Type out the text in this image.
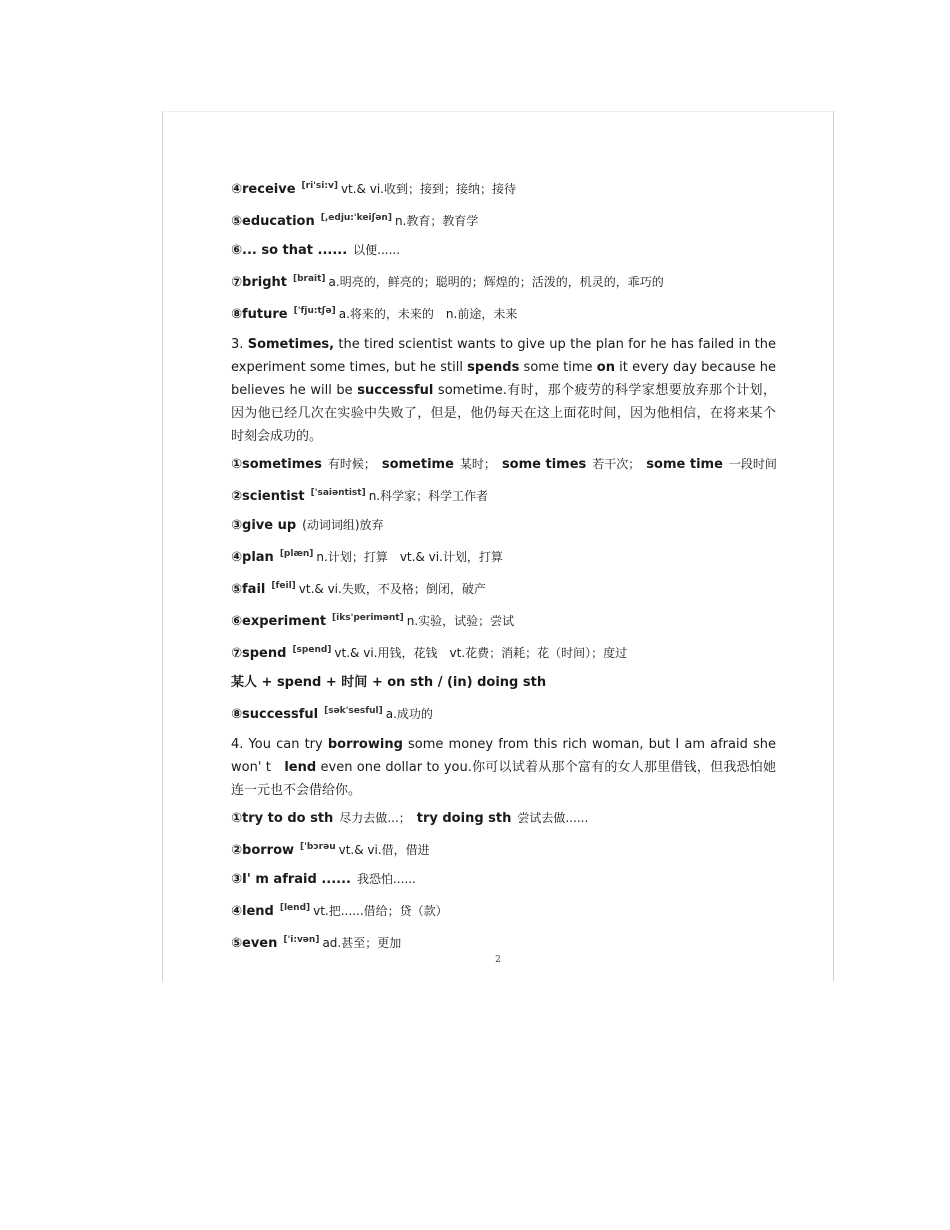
④receive [ri'si:v] vt.& vi.收到；接到；接纳；接待
⑤education [,edju:'keiʃən] n.教育；教育学
⑥... so that ...... 以便......
⑦bright [brait] a.明亮的，鲜亮的；聪明的；辉煌的；活泼的，机灵的，乖巧的
⑧future ['fju:tʃə] a.将来的，未来的　n.前途，未来
3. Sometimes, the tired scientist wants to give up the plan for he has failed in the experiment some times, but he still spends some time on it every day because he believes he will be successful sometime.有时，那个疲劳的科学家想要放弃那个计划，因为他已经几次在实验中失败了，但是，他仍每天在这上面花时间，因为他相信，在将来某个时刻会成功的。
①sometimes 有时候； sometime 某时； some times 若干次； some time 一段时间
②scientist ['saiəntist] n.科学家；科学工作者
③give up (动词词组)放弃
④plan [plæn] n.计划；打算　vt.& vi.计划，打算
⑤fail [feil] vt.& vi.失败，不及格；倒闭，破产
⑥experiment [iks'perimənt] n.实验，试验；尝试
⑦spend [spend] vt.& vi.用钱，花钱　vt.花费；消耗；花（时间）；度过
某人 + spend + 时间 + on sth / (in) doing sth
⑧successful [sək'sesful] a.成功的
4. You can try borrowing some money from this rich woman, but I am afraid she won' t　lend even one dollar to you.你可以试着从那个富有的女人那里借钱，但我恐怕她连一元也不会借给你。
①try to do sth 尽力去做...； try doing sth 尝试去做......
②borrow $^{['bɔrəu}$ vt.& vi.借，借进
③I' m afraid ...... 我恐怕......
④lend [lend] vt.把......借给；贷（款）
⑤even ['i:vən] ad.甚至；更加
2
